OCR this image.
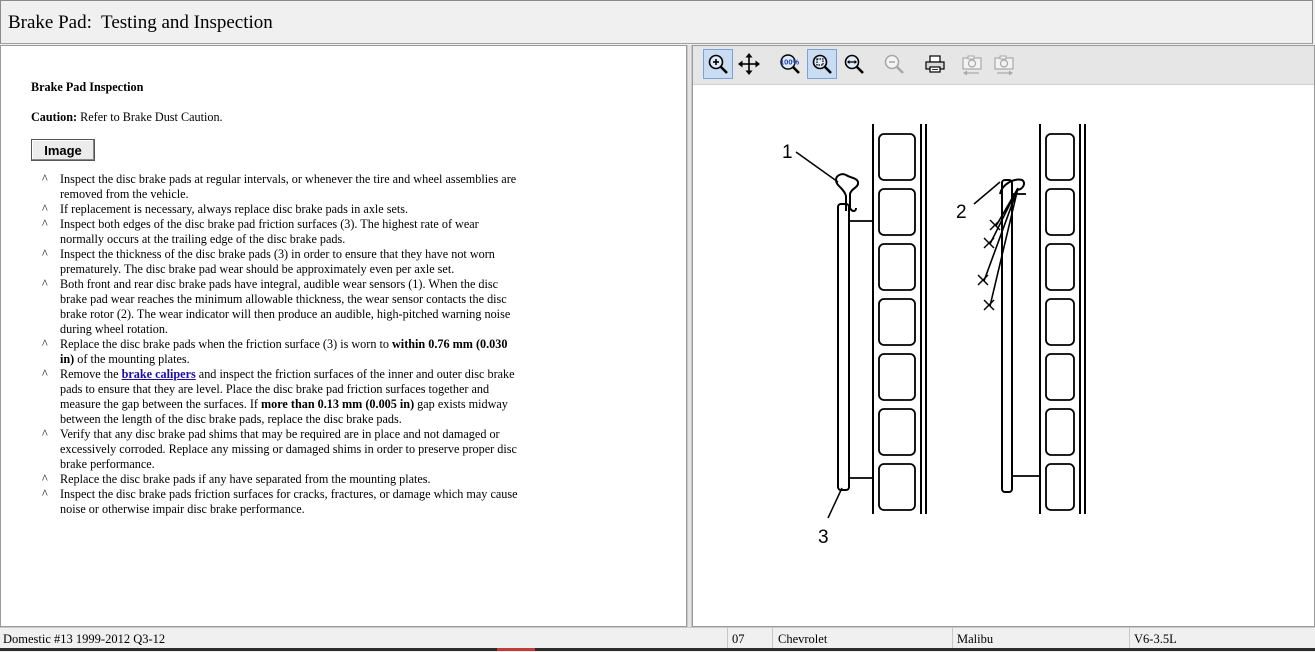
Brake Pad:  Testing and Inspection
Brake Pad Inspection
Caution: Refer to Brake Dust Caution.
Image
^ Inspect the disc brake pads at regular intervals, or whenever the tire and wheel assemblies are removed from the vehicle.
^ If replacement is necessary, always replace disc brake pads in axle sets.
^ Inspect both edges of the disc brake pad friction surfaces (3). The highest rate of wear normally occurs at the trailing edge of the disc brake pads.
^ Inspect the thickness of the disc brake pads (3) in order to ensure that they have not worn prematurely. The disc brake pad wear should be approximately even per axle set.
^ Both front and rear disc brake pads have integral, audible wear sensors (1). When the disc brake pad wear reaches the minimum allowable thickness, the wear sensor contacts the disc brake rotor (2). The wear indicator will then produce an audible, high-pitched warning noise during wheel rotation.
^ Replace the disc brake pads when the friction surface (3) is worn to within 0.76 mm (0.030 in) of the mounting plates.
^ Remove the brake calipers and inspect the friction surfaces of the inner and outer disc brake pads to ensure that they are level. Place the disc brake pad friction surfaces together and measure the gap between the surfaces. If more than 0.13 mm (0.005 in) gap exists midway between the length of the disc brake pads, replace the disc brake pads.
^ Verify that any disc brake pad shims that may be required are in place and not damaged or excessively corroded. Replace any missing or damaged shims in order to preserve proper disc brake performance.
^ Replace the disc brake pads if any have separated from the mounting plates.
^ Inspect the disc brake pads friction surfaces for cracks, fractures, or damage which may cause noise or otherwise impair disc brake performance.
100%
1
2
3
Domestic #13 1999-2012 Q3-12	07	Chevrolet	Malibu	V6-3.5L
